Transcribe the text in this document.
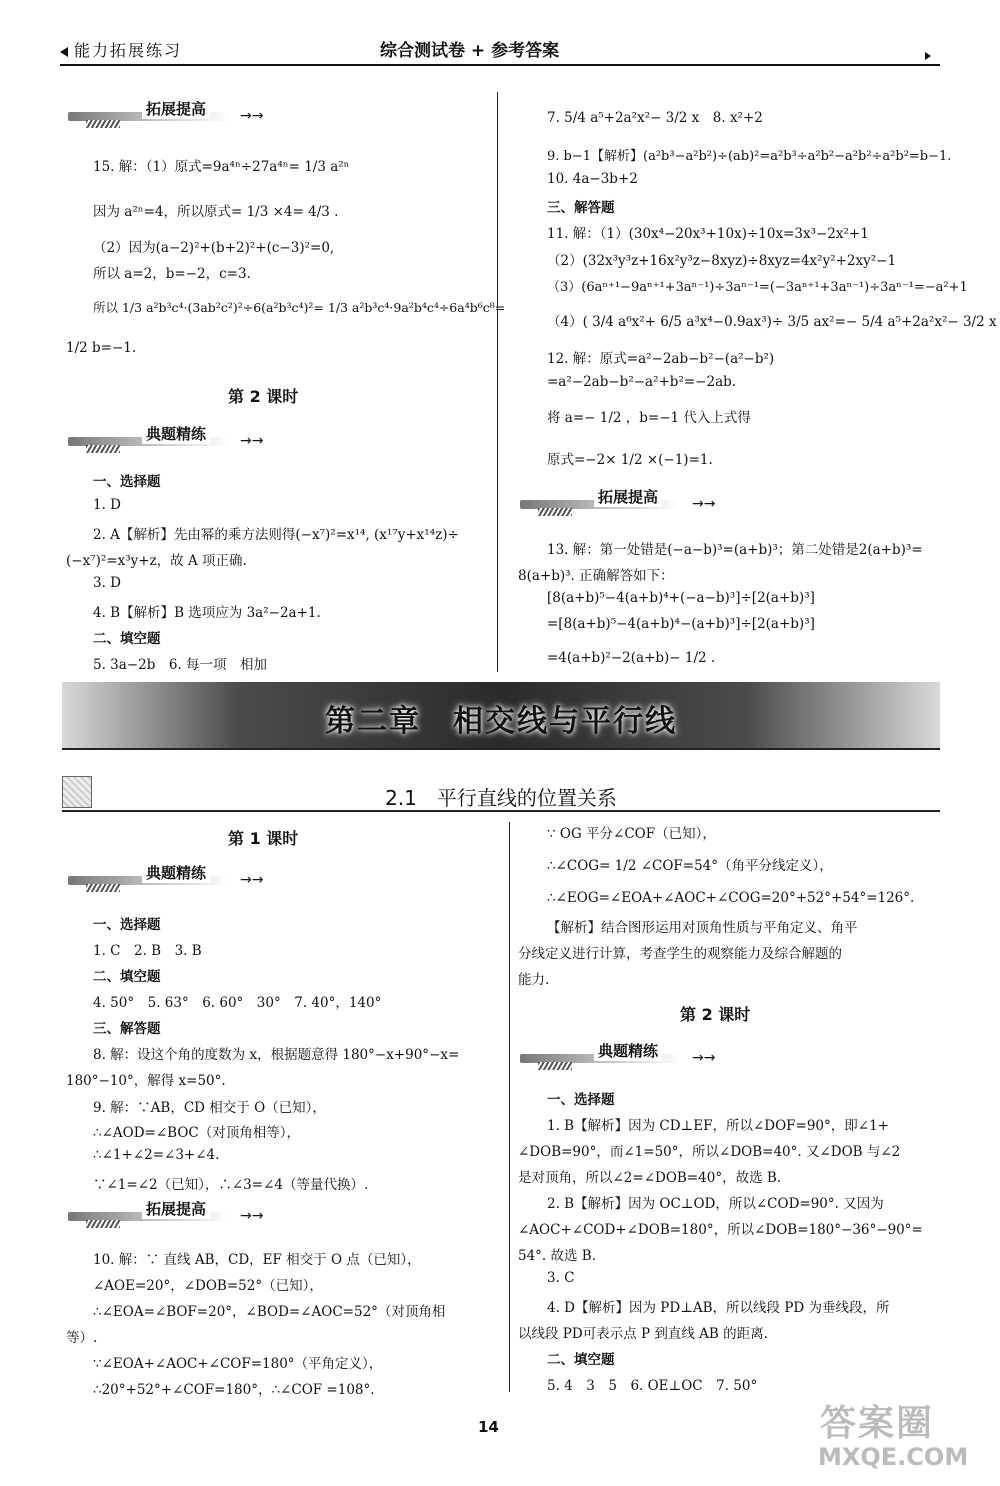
能力拓展练习	综合测试卷 + 参考答案
拓展提高 →→
15. 解：（1）原式=9a⁴ⁿ÷27a⁴ⁿ= 1/3 a²ⁿ
因为 a²ⁿ=4，所以原式= 1/3 ×4= 4/3 .
（2）因为(a−2)²+(b+2)²+(c−3)²=0,
所以 a=2，b=−2，c=3.
所以 1/3 a²b³c⁴·(3ab²c²)²÷6(a²b³c⁴)²= 1/3 a²b³c⁴·9a²b⁴c⁴÷6a⁴b⁶c⁸=
1/2 b=−1.
第 2 课时
典题精练 →→
一、选择题
1. D
2. A【解析】先由幂的乘方法则得(−x⁷)²=x¹⁴, (x¹⁷y+x¹⁴z)÷
(−x⁷)²=x³y+z，故 A 项正确.
3. D
4. B【解析】B 选项应为 3a²−2a+1.
二、填空题
5. 3a−2b　6. 每一项　相加
7. 5/4 a⁵+2a²x²− 3/2 x　8. x²+2
9. b−1【解析】(a²b³−a²b²)÷(ab)²=a²b³÷a²b²−a²b²÷a²b²=b−1.
10. 4a−3b+2
三、解答题
11. 解：（1）(30x⁴−20x³+10x)÷10x=3x³−2x²+1
（2）(32x³y³z+16x²y³z−8xyz)÷8xyz=4x²y²+2xy²−1
（3）(6aⁿ⁺¹−9aⁿ⁺¹+3aⁿ⁻¹)÷3aⁿ⁻¹=(−3aⁿ⁺¹+3aⁿ⁻¹)÷3aⁿ⁻¹=−a²+1
（4）( 3/4 a⁶x²+ 6/5 a³x⁴−0.9ax³)÷ 3/5 ax²=− 5/4 a⁵+2a²x²− 3/2 x
12. 解：原式=a²−2ab−b²−(a²−b²)
=a²−2ab−b²−a²+b²=−2ab.
将 a=− 1/2 ，b=−1 代入上式得
原式=−2× 1/2 ×(−1)=1.
拓展提高 →→
13. 解：第一处错是(−a−b)³=(a+b)³；第二处错是2(a+b)³=
8(a+b)³. 正确解答如下：
[8(a+b)⁵−4(a+b)⁴+(−a−b)³]÷[2(a+b)³]
=[8(a+b)⁵−4(a+b)⁴−(a+b)³]÷[2(a+b)³]
=4(a+b)²−2(a+b)− 1/2 .
第二章　相交线与平行线
2.1　平行直线的位置关系
第 1 课时
典题精练 →→
一、选择题
1. C　2. B　3. B
二、填空题
4. 50°　5. 63°　6. 60°　30°　7. 40°，140°
三、解答题
8. 解：设这个角的度数为 x，根据题意得 180°−x+90°−x=
180°−10°，解得 x=50°.
9. 解：∵AB，CD 相交于 O（已知），
∴∠AOD=∠BOC（对顶角相等），
∴∠1+∠2=∠3+∠4.
∵∠1=∠2（已知），∴∠3=∠4（等量代换）.
拓展提高 →→
10. 解：∵ 直线 AB，CD，EF 相交于 O 点（已知），
∠AOE=20°，∠DOB=52°（已知），
∴∠EOA=∠BOF=20°，∠BOD=∠AOC=52°（对顶角相
等）.
∵∠EOA+∠AOC+∠COF=180°（平角定义），
∴20°+52°+∠COF=180°，∴∠COF =108°.
∵ OG 平分∠COF（已知），
∴∠COG= 1/2 ∠COF=54°（角平分线定义），
∴∠EOG=∠EOA+∠AOC+∠COG=20°+52°+54°=126°.
【解析】结合图形运用对顶角性质与平角定义、角平
分线定义进行计算，考查学生的观察能力及综合解题的
能力.
第 2 课时
典题精练 →→
一、选择题
1. B【解析】因为 CD⊥EF，所以∠DOF=90°，即∠1+
∠DOB=90°，而∠1=50°，所以∠DOB=40°. 又∠DOB 与∠2
是对顶角，所以∠2=∠DOB=40°，故选 B.
2. B【解析】因为 OC⊥OD，所以∠COD=90°. 又因为
∠AOC+∠COD+∠DOB=180°，所以∠DOB=180°−36°−90°=
54°. 故选 B.
3. C
4. D【解析】因为 PD⊥AB，所以线段 PD 为垂线段，所
以线段 PD可表示点 P 到直线 AB 的距离.
二、填空题
5. 4　3　5　6. OE⊥OC　7. 50°
14	答案圈
MXQE.COM
